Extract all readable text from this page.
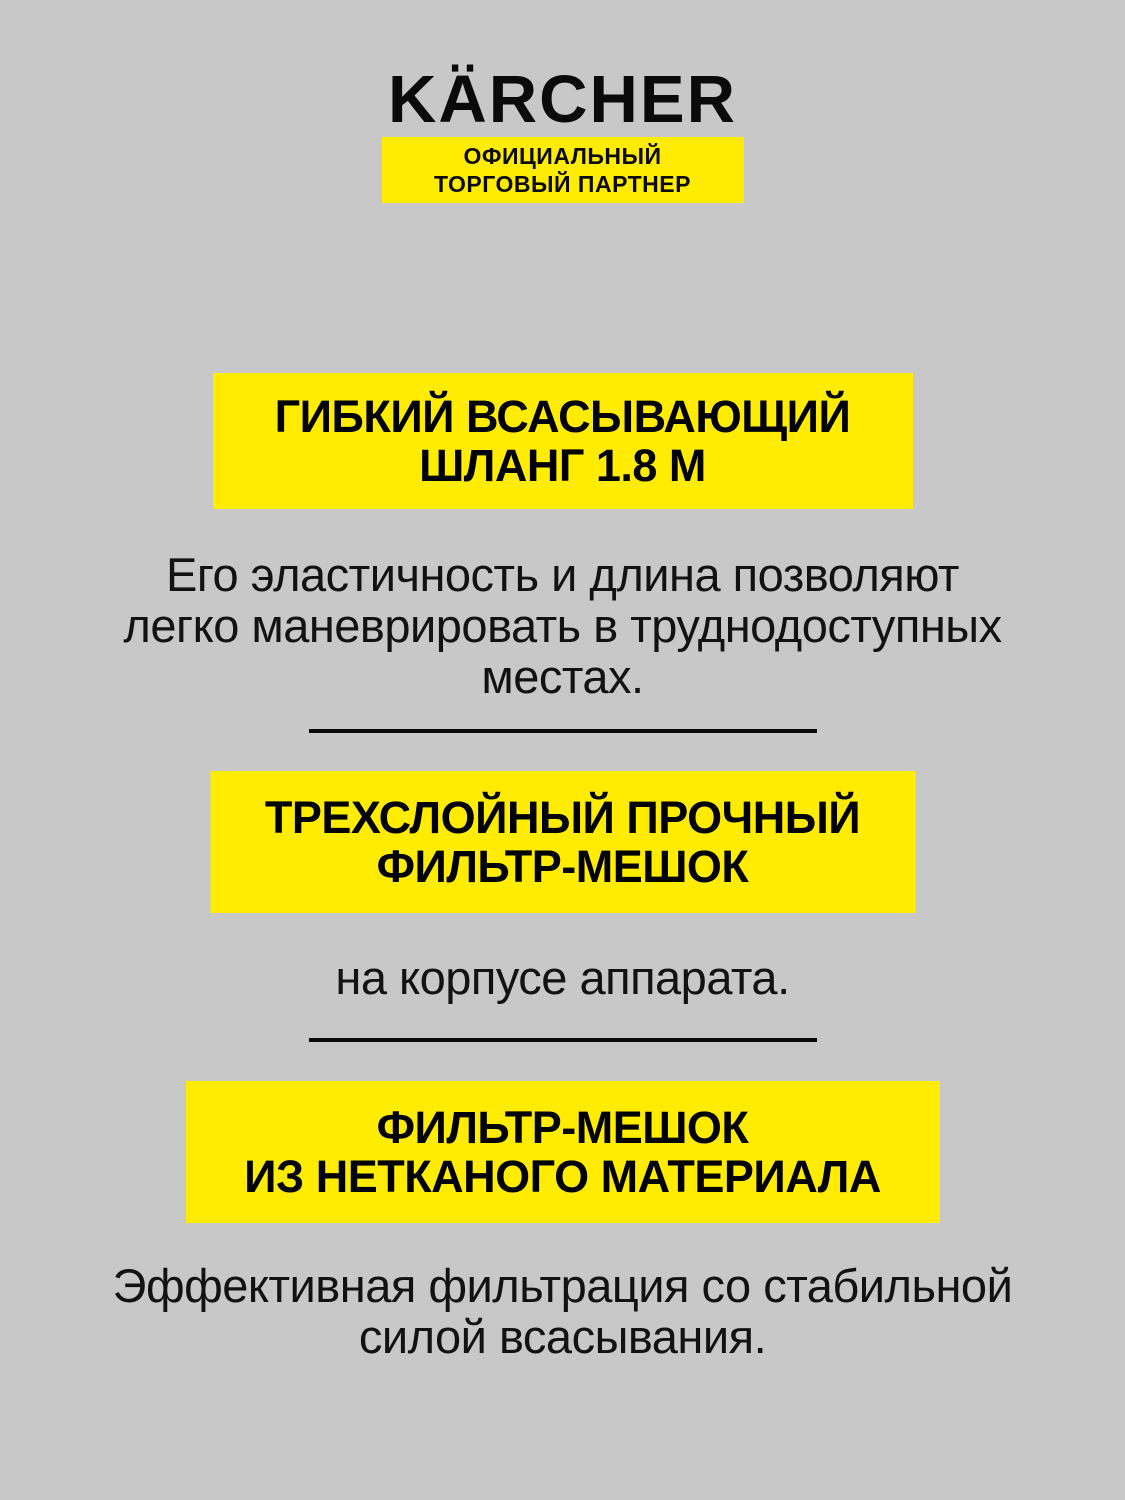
KÄRCHER
ОФИЦИАЛЬНЫЙ
ТОРГОВЫЙ ПАРТНЕР
ГИБКИЙ ВСАСЫВАЮЩИЙ
ШЛАНГ 1.8 М
Его эластичность и длина позволяют
легко маневрировать в труднодоступных
местах.
ТРЕХСЛОЙНЫЙ ПРОЧНЫЙ
ФИЛЬТР-МЕШОК
на корпусе аппарата.
ФИЛЬТР-МЕШОК
ИЗ НЕТКАНОГО МАТЕРИАЛА
Эффективная фильтрация со стабильной
силой всасывания.
